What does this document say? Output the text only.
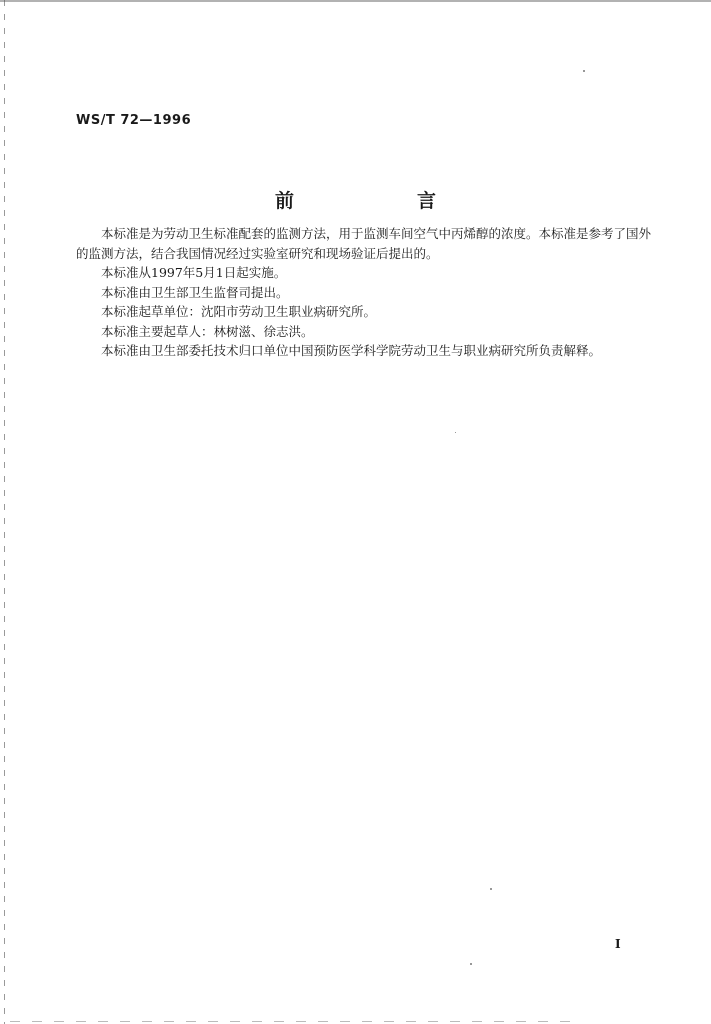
WS/T 72—1996
前　言

本标准是为劳动卫生标准配套的监测方法，用于监测车间空气中丙烯醇的浓度。本标准是参考了国外的监测方法，结合我国情况经过实验室研究和现场验证后提出的。

本标准从1997年5月1日起实施。

本标准由卫生部卫生监督司提出。

本标准起草单位：沈阳市劳动卫生职业病研究所。

本标准主要起草人：林树滋、徐志洪。

本标准由卫生部委托技术归口单位中国预防医学科学院劳动卫生与职业病研究所负责解释。

I
